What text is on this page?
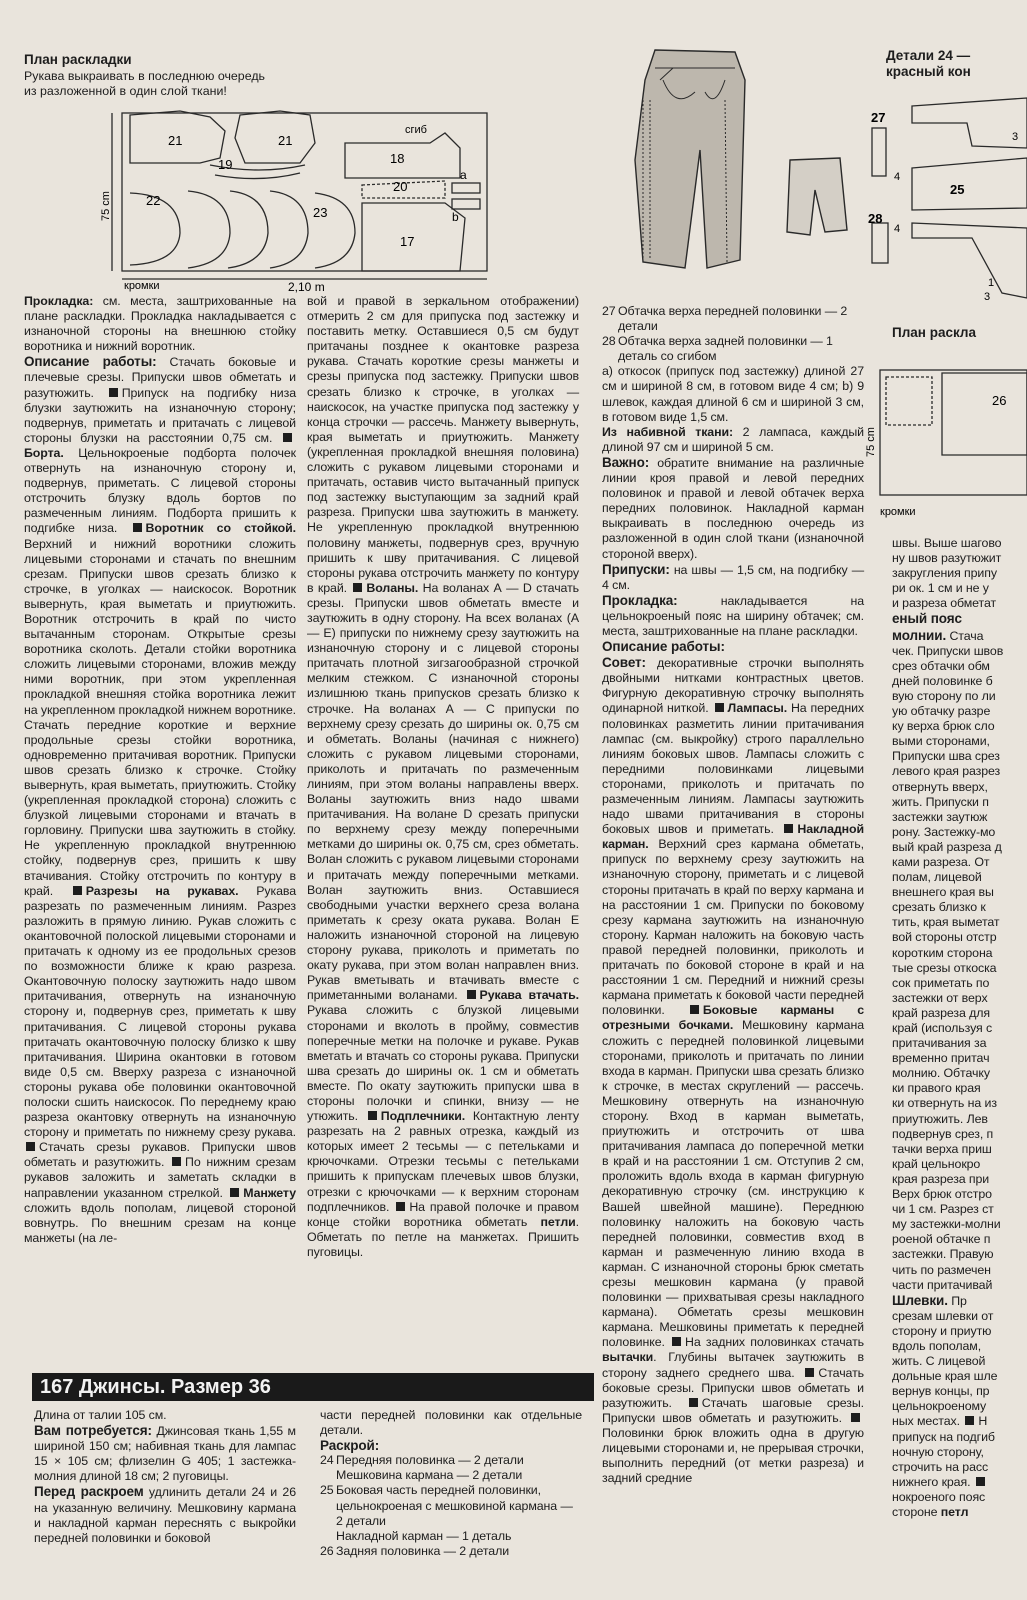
План раскладки
Рукава выкраивать в последнюю очередь
из разложенной в один слой ткани!
21	21
19	18
20
a
b
22
23
17
сгиб
75 cm
2,10 m
кромки
Детали 24 —
красный кон
27
25
28
3
3
1
4
4
План раскла
26
75 cm
кромки

Прокладка: см. места, заштрихованные на плане раскладки. Прокладка накладывается с изнаночной стороны на внешнюю стойку воротника и нижний воротник.

Описание работы: Стачать боковые и плечевые срезы. Припуски швов обметать и разутюжить. Припуск на подгибку низа блузки заутюжить на изнаночную сторону; подвернув, приметать и притачать с лицевой стороны блузки на расстоянии 0,75 см. Борта. Цельнокроеные подборта полочек отвернуть на изнаночную сторону и, подвернув, приметать. С лицевой стороны отстрочить блузку вдоль бортов по размеченным линиям. Подборта пришить к подгибке низа. Воротник со стойкой. Верхний и нижний воротники сложить лицевыми сторонами и стачать по внешним срезам. Припуски швов срезать близко к строчке, в уголках — наискосок. Воротник вывернуть, края выметать и приутюжить. Воротник отстрочить в край по чисто вытачанным сторонам. Открытые срезы воротника сколоть. Детали стойки воротника сложить лицевыми сторонами, вложив между ними воротник, при этом укрепленная прокладкой внешняя стойка воротника лежит на укрепленном прокладкой нижнем воротнике. Стачать передние короткие и верхние продольные срезы стойки воротника, одновременно притачивая воротник. Припуски швов срезать близко к строчке. Стойку вывернуть, края выметать, приутюжить. Стойку (укрепленная прокладкой сторона) сложить с блузкой лицевыми сторонами и втачать в горловину. Припуски шва заутюжить в стойку. Не укрепленную прокладкой внутреннюю стойку, подвернув срез, пришить к шву втачивания. Стойку отстрочить по контуру в край. Разрезы на рукавах. Рукава разрезать по размеченным линиям. Разрез разложить в прямую линию. Рукав сложить с окантовочной полоской лицевыми сторонами и притачать к одному из ее продольных срезов по возможности ближе к краю разреза. Окантовочную полоску заутюжить надо швом притачивания, отвернуть на изнаночную сторону и, подвернув срез, приметать к шву притачивания. С лицевой стороны рукава притачать окантовочную полоску близко к шву притачивания. Ширина окантовки в готовом виде 0,5 см. Вверху разреза с изнаночной стороны рукава обе половинки окантовочной полоски сшить наискосок. По переднему краю разреза окантовку отвернуть на изнаночную сторону и приметать по нижнему срезу рукава. Стачать срезы рукавов. Припуски швов обметать и разутюжить. По нижним срезам рукавов заложить и заметать складки в направлении указанном стрелкой. Манжету сложить вдоль пополам, лицевой стороной вовнутрь. По внешним срезам на конце манжеты (на ле-

вой и правой в зеркальном отображении) отмерить 2 см для припуска под застежку и поставить метку. Оставшиеся 0,5 см будут притачаны позднее к окантовке разреза рукава. Стачать короткие срезы манжеты и срезы припуска под застежку. Припуски швов срезать близко к строчке, в уголках — наискосок, на участке припуска под застежку у конца строчки — рассечь. Манжету вывернуть, края выметать и приутюжить. Манжету (укрепленная прокладкой внешняя половина) сложить с рукавом лицевыми сторонами и притачать, оставив чисто вытачанный припуск под застежку выступающим за задний край разреза. Припуски шва заутюжить в манжету. Не укрепленную прокладкой внутреннюю половину манжеты, подвернув срез, вручную пришить к шву притачивания. С лицевой стороны рукава отстрочить манжету по контуру в край. Воланы. На воланах А — D стачать срезы. Припуски швов обметать вместе и заутюжить в одну сторону. На всех воланах (А — Е) припуски по нижнему срезу заутюжить на изнаночную сторону и с лицевой стороны притачать плотной зигзагообразной строчкой мелким стежком. С изнаночной стороны излишнюю ткань припусков срезать близко к строчке. На воланах А — С припуски по верхнему срезу срезать до ширины ок. 0,75 см и обметать. Воланы (начиная с нижнего) сложить с рукавом лицевыми сторонами, приколоть и притачать по размеченным линиям, при этом воланы направлены вверх. Воланы заутюжить вниз надо швами притачивания. На волане D срезать припуски по верхнему срезу между поперечными метками до ширины ок. 0,75 см, срез обметать. Волан сложить с рукавом лицевыми сторонами и притачать между поперечными метками. Волан заутюжить вниз. Оставшиеся свободными участки верхнего среза волана приметать к срезу оката рукава. Волан Е наложить изнаночной стороной на лицевую сторону рукава, приколоть и приметать по окату рукава, при этом волан направлен вниз. Рукав вметывать и втачивать вместе с приметанными воланами. Рукава втачать. Рукава сложить с блузкой лицевыми сторонами и вколоть в пройму, совместив поперечные метки на полочке и рукаве. Рукав вметать и втачать со стороны рукава. Припуски шва срезать до ширины ок. 1 см и обметать вместе. По окату заутюжить припуски шва в стороны полочки и спинки, внизу — не утюжить. Подплечники. Контактную ленту разрезать на 2 равных отрезка, каждый из которых имеет 2 тесьмы — с петельками и крючочками. Отрезки тесьмы с петельками пришить к припускам плечевых швов блузки, отрезки с крючочками — к верхним сторонам подплечников. На правой полочке и правом конце стойки воротника обметать петли. Обметать по петле на манжетах. Пришить пуговицы.

167 Джинсы. Размер 36

Длина от талии 105 см.

Вам потребуется: Джинсовая ткань 1,55 м шириной 150 см; набивная ткань для лампас 15 × 105 см; флизелин G 405; 1 застежка-молния длиной 18 см; 2 пуговицы.

Перед раскроем удлинить детали 24 и 26 на указанную величину. Мешковину кармана и накладной карман переснять с выкройки передней половинки и боковой

части передней половинки как отдельные детали.

Раскрой:

24 Передняя половинка — 2 детали
Мешковина кармана — 2 детали
25 Боковая часть передней половинки, цельнокроеная с мешковиной кармана — 2 детали
Накладной карман — 1 деталь
26 Задняя половинка — 2 детали
27 Обтачка верха передней половинки — 2 детали
28 Обтачка верха задней половинки — 1 деталь со сгибом

а) откосок (припуск под застежку) длиной 27 см и шириной 8 см, в готовом виде 4 см; b) 9 шлевок, каждая длиной 6 см и шириной 3 см, в готовом виде 1,5 см.

Из набивной ткани: 2 лампаса, каждый длиной 97 см и шириной 5 см.

Важно: обратите внимание на различные линии кроя правой и левой передних половинок и правой и левой обтачек верха передних половинок. Накладной карман выкраивать в последнюю очередь из разложенной в один слой ткани (изнаночной стороной вверх).

Припуски: на швы — 1,5 см, на подгибку — 4 см.

Прокладка: накладывается на цельнокроеный пояс на ширину обтачек; см. места, заштрихованные на плане раскладки.

Описание работы:

Совет: декоративные строчки выполнять двойными нитками контрастных цветов. Фигурную декоративную строчку выполнять одинарной ниткой. Лампасы. На передних половинках разметить линии притачивания лампас (см. выкройку) строго параллельно линиям боковых швов. Лампасы сложить с передними половинками лицевыми сторонами, приколоть и притачать по размеченным линиям. Лампасы заутюжить надо швами притачивания в стороны боковых швов и приметать. Накладной карман. Верхний срез кармана обметать, припуск по верхнему срезу заутюжить на изнаночную сторону, приметать и с лицевой стороны притачать в край по верху кармана и на расстоянии 1 см. Припуски по боковому срезу кармана заутюжить на изнаночную сторону. Карман наложить на боковую часть правой передней половинки, приколоть и притачать по боковой стороне в край и на расстоянии 1 см. Передний и нижний срезы кармана приметать к боковой части передней половинки. Боковые карманы с отрезными бочками. Мешковину кармана сложить с передней половинкой лицевыми сторонами, приколоть и притачать по линии входа в карман. Припуски шва срезать близко к строчке, в местах скруглений — рассечь. Мешковину отвернуть на изнаночную сторону. Вход в карман выметать, приутюжить и отстрочить от шва притачивания лампаса до поперечной метки в край и на расстоянии 1 см. Отступив 2 см, проложить вдоль входа в карман фигурную декоративную строчку (см. инструкцию к Вашей швейной машине). Переднюю половинку наложить на боковую часть передней половинки, совместив вход в карман и размеченную линию входа в карман. С изнаночной стороны брюк сметать срезы мешковин кармана (у правой половинки — прихватывая срезы накладного кармана). Обметать срезы мешковин кармана. Мешковины приметать к передней половинке. На задних половинках стачать вытачки. Глубины вытачек заутюжить в сторону заднего среднего шва. Стачать боковые срезы. Припуски швов обметать и разутюжить. Стачать шаговые срезы. Припуски швов обметать и разутюжить. Половинки брюк вложить одна в другую лицевыми сторонами и, не прерывая строчки, выполнить передний (от метки разреза) и задний средние

швы. Выше шагово
ну швов разутюжит
закругления припу
ри ок. 1 см и не у
и разреза обметат
еный пояс
молнии. Стача
чек. Припуски швов
срез обтачки обм
дней половинке б
вую сторону по ли
ую обтачку разре
ку верха брюк сло
выми сторонами,
Припуски шва срез
левого края разрез
отвернуть вверх,
жить. Припуски п
застежки заутюж
рону. Застежку-мо
вый край разреза д
ками разреза. От
полам, лицевой
внешнего края вы
срезать близко к
тить, края выметат
вой стороны отстр
коротким сторона
тые срезы откоска
сок приметать по
застежки от верх
край разреза для
край (используя с
притачивания за
временно притач
молнию. Обтачку
ки правого края
ки отвернуть на из
приутюжить. Лев
подвернув срез, п
тачки верха приш
край цельнокро
края разреза при
Верх брюк отстро
чи 1 см. Разрез ст
му застежки-молни
роеной обтачке п
застежки. Правую
чить по размечен
части притачивай

Шлевки. Пр
срезам шлевки от
сторону и приутю
вдоль пополам,
жить. С лицевой
дольные края шле
вернув концы, пр
цельнокроеному
ных местах. Н
припуск на подгиб
ночную сторону,
строчить на расс
нижнего края.
нокроеного пояс
стороне петл
